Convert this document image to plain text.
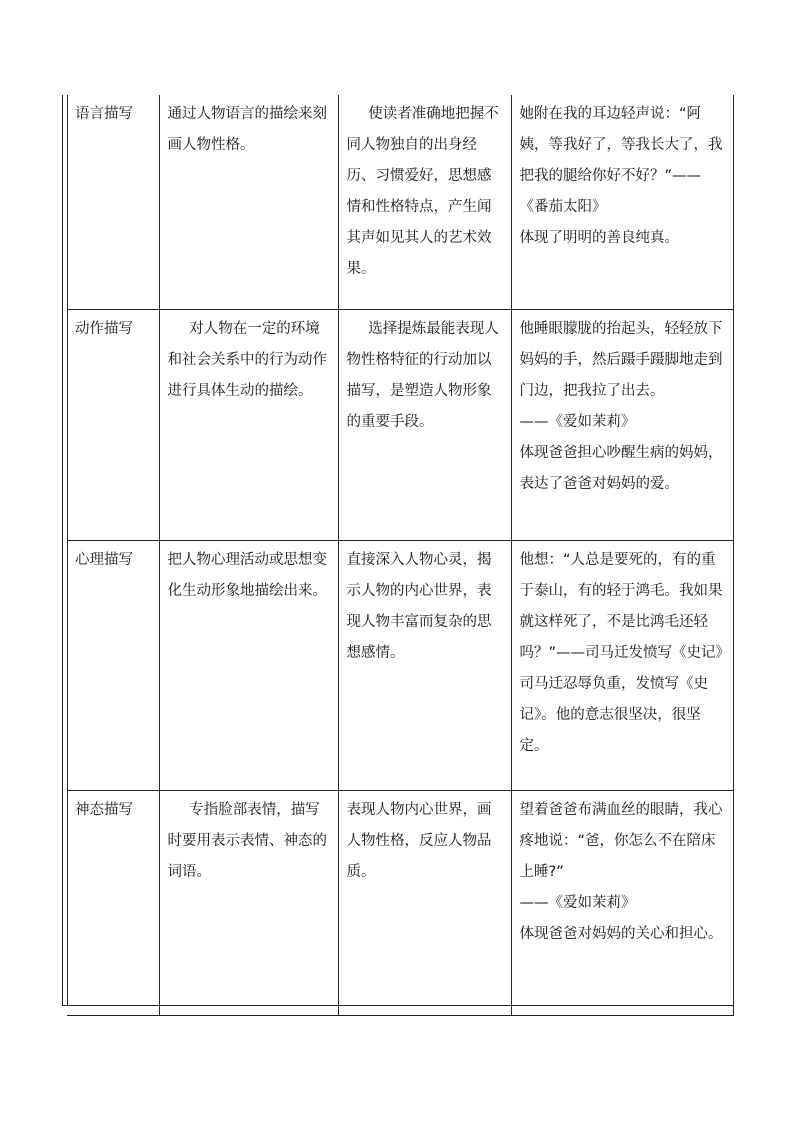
语言描写	通过人物语言的描绘来刻画人物性格。	使读者准确地把握不同人物独自的出身经历、习惯爱好，思想感情和性格特点，产生闻其声如见其人的艺术效果。	她附在我的耳边轻声说：“阿姨，等我好了，等我长大了，我把我的腿给你好不好？”——《番茄太阳》
体现了明明的善良纯真。

动作描写	对人物在一定的环境和社会关系中的行为动作进行具体生动的描绘。	选择提炼最能表现人物性格特征的行动加以描写，是塑造人物形象的重要手段。	他睡眼朦胧的抬起头，轻轻放下妈妈的手，然后蹑手蹑脚地走到门边，把我拉了出去。
——《爱如茉莉》
体现爸爸担心吵醒生病的妈妈，表达了爸爸对妈妈的爱。

心理描写	把人物心理活动或思想变化生动形象地描绘出来。	直接深入人物心灵，揭示人物的内心世界，表现人物丰富而复杂的思想感情。	他想：“人总是要死的，有的重于泰山，有的轻于鸿毛。我如果就这样死了，不是比鸿毛还轻吗？”——司马迁发愤写《史记》
司马迁忍辱负重，发愤写《史记》。他的意志很坚决，很坚定。

神态描写	专指脸部表情，描写时要用表示表情、神态的词语。	表现人物内心世界，画人物性格，反应人物品质。	望着爸爸布满血丝的眼睛，我心疼地说：“爸，你怎么不在陪床上睡?”
——《爱如茉莉》
体现爸爸对妈妈的关心和担心。
